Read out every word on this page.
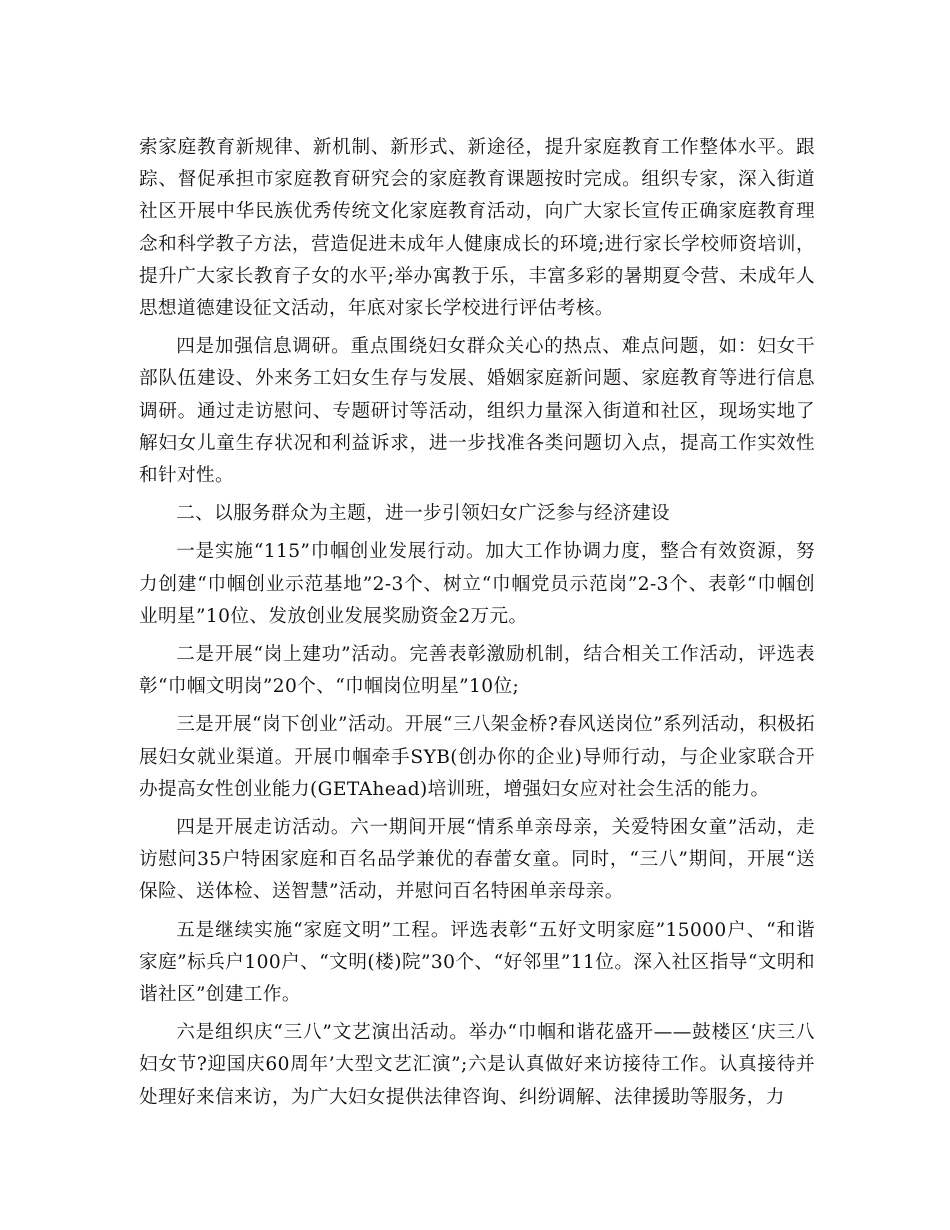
索家庭教育新规律、新机制、新形式、新途径，提升家庭教育工作整体水平。跟踪、督促承担市家庭教育研究会的家庭教育课题按时完成。组织专家，深入街道社区开展中华民族优秀传统文化家庭教育活动，向广大家长宣传正确家庭教育理念和科学教子方法，营造促进未成年人健康成长的环境;进行家长学校师资培训，提升广大家长教育子女的水平;举办寓教于乐，丰富多彩的暑期夏令营、未成年人思想道德建设征文活动，年底对家长学校进行评估考核。

四是加强信息调研。重点围绕妇女群众关心的热点、难点问题，如：妇女干部队伍建设、外来务工妇女生存与发展、婚姻家庭新问题、家庭教育等进行信息调研。通过走访慰问、专题研讨等活动，组织力量深入街道和社区，现场实地了解妇女儿童生存状况和利益诉求，进一步找准各类问题切入点，提高工作实效性和针对性。

二、以服务群众为主题，进一步引领妇女广泛参与经济建设

一是实施“115”巾帼创业发展行动。加大工作协调力度，整合有效资源，努力创建“巾帼创业示范基地”2-3个、树立“巾帼党员示范岗”2-3个、表彰“巾帼创业明星”10位、发放创业发展奖励资金2万元。

二是开展“岗上建功”活动。完善表彰激励机制，结合相关工作活动，评选表彰“巾帼文明岗”20个、“巾帼岗位明星”10位;

三是开展“岗下创业”活动。开展“三八架金桥?春风送岗位”系列活动，积极拓展妇女就业渠道。开展巾帼牵手SYB(创办你的企业)导师行动，与企业家联合开办提高女性创业能力(GETAhead)培训班，增强妇女应对社会生活的能力。

四是开展走访活动。六一期间开展“情系单亲母亲，关爱特困女童”活动，走访慰问35户特困家庭和百名品学兼优的春蕾女童。同时，“三八”期间，开展“送保险、送体检、送智慧”活动，并慰问百名特困单亲母亲。

五是继续实施“家庭文明”工程。评选表彰“五好文明家庭”15000户、“和谐家庭”标兵户100户、“文明(楼)院”30个、“好邻里”11位。深入社区指导“文明和谐社区”创建工作。

六是组织庆“三八”文艺演出活动。举办“巾帼和谐花盛开——鼓楼区‘庆三八妇女节?迎国庆60周年’大型文艺汇演”;六是认真做好来访接待工作。认真接待并处理好来信来访，为广大妇女提供法律咨询、纠纷调解、法律援助等服务，力
